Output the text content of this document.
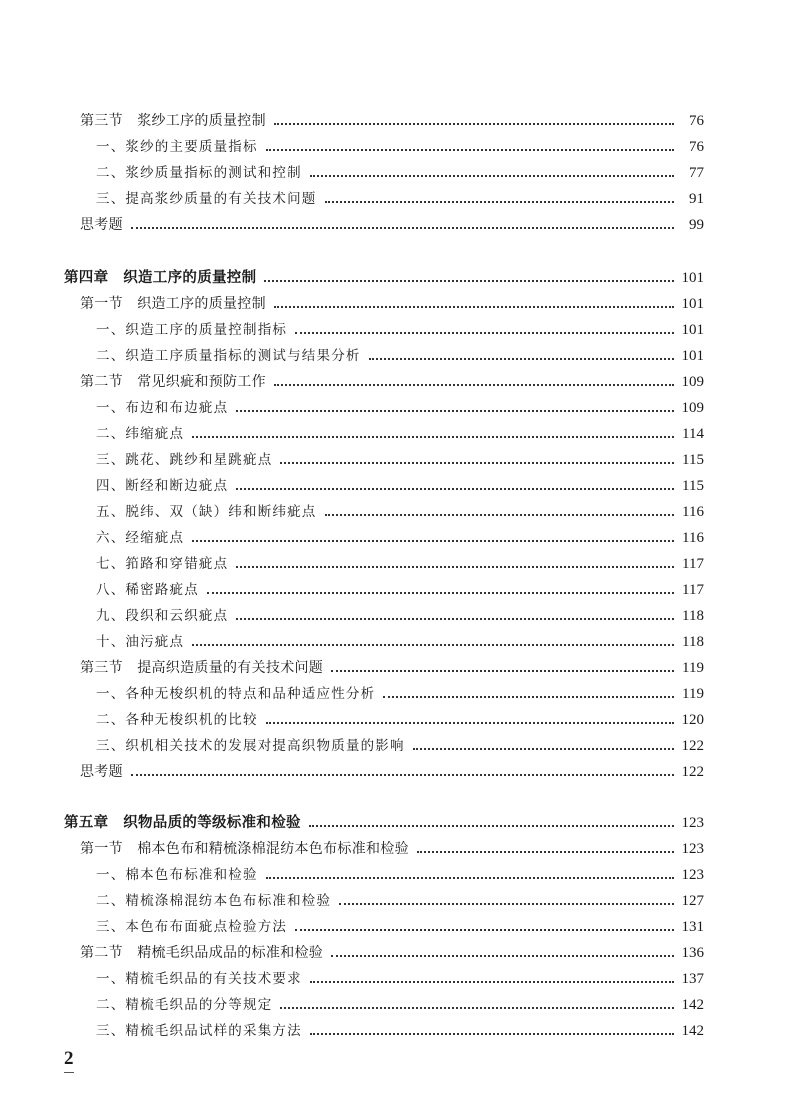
第三节　浆纱工序的质量控制	76
一、浆纱的主要质量指标	76
二、浆纱质量指标的测试和控制	77
三、提高浆纱质量的有关技术问题	91
思考题	99
第四章　织造工序的质量控制	101
第一节　织造工序的质量控制	101
一、织造工序的质量控制指标	101
二、织造工序质量指标的测试与结果分析	101
第二节　常见织疵和预防工作	109
一、布边和布边疵点	109
二、纬缩疵点	114
三、跳花、跳纱和星跳疵点	115
四、断经和断边疵点	115
五、脱纬、双（缺）纬和断纬疵点	116
六、经缩疵点	116
七、筘路和穿错疵点	117
八、稀密路疵点	117
九、段织和云织疵点	118
十、油污疵点	118
第三节　提高织造质量的有关技术问题	119
一、各种无梭织机的特点和品种适应性分析	119
二、各种无梭织机的比较	120
三、织机相关技术的发展对提高织物质量的影响	122
思考题	122
第五章　织物品质的等级标准和检验	123
第一节　棉本色布和精梳涤棉混纺本色布标准和检验	123
一、棉本色布标准和检验	123
二、精梳涤棉混纺本色布标准和检验	127
三、本色布布面疵点检验方法	131
第二节　精梳毛织品成品的标准和检验	136
一、精梳毛织品的有关技术要求	137
二、精梳毛织品的分等规定	142
三、精梳毛织品试样的采集方法	142
2
